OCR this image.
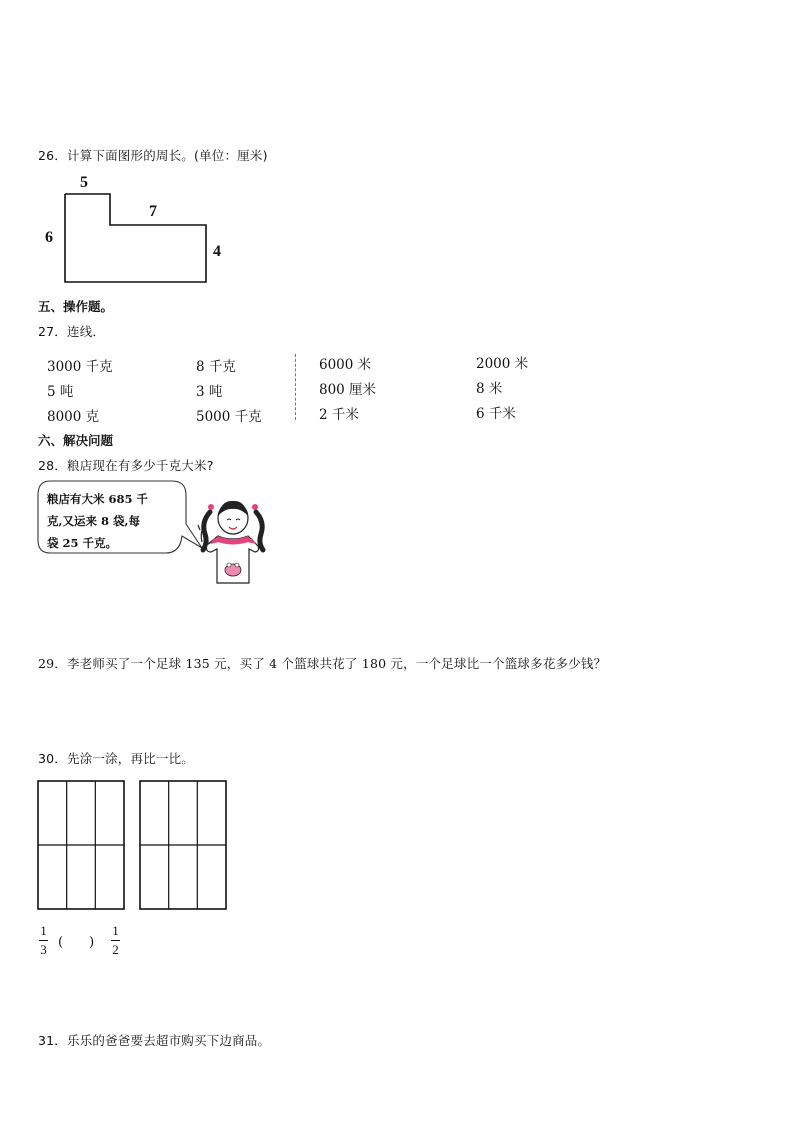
26．计算下面图形的周长。(单位：厘米)
5
7
6
4
五、操作题。
27．连线．
3000 千克
5 吨
8000 克
8 千克
3 吨
5000 千克
6000 米
800 厘米
2 千米
2000 米
8 米
6 千米
六、解决问题
28．粮店现在有多少千克大米?
粮店有大米 685 千
克,又运来 8 袋,每
袋 25 千克。
29．李老师买了一个足球 135 元，买了 4 个篮球共花了 180 元，一个足球比一个篮球多花多少钱？
30．先涂一涂，再比一比。
1
3 (　　)
1
2
31．乐乐的爸爸要去超市购买下边商品。
